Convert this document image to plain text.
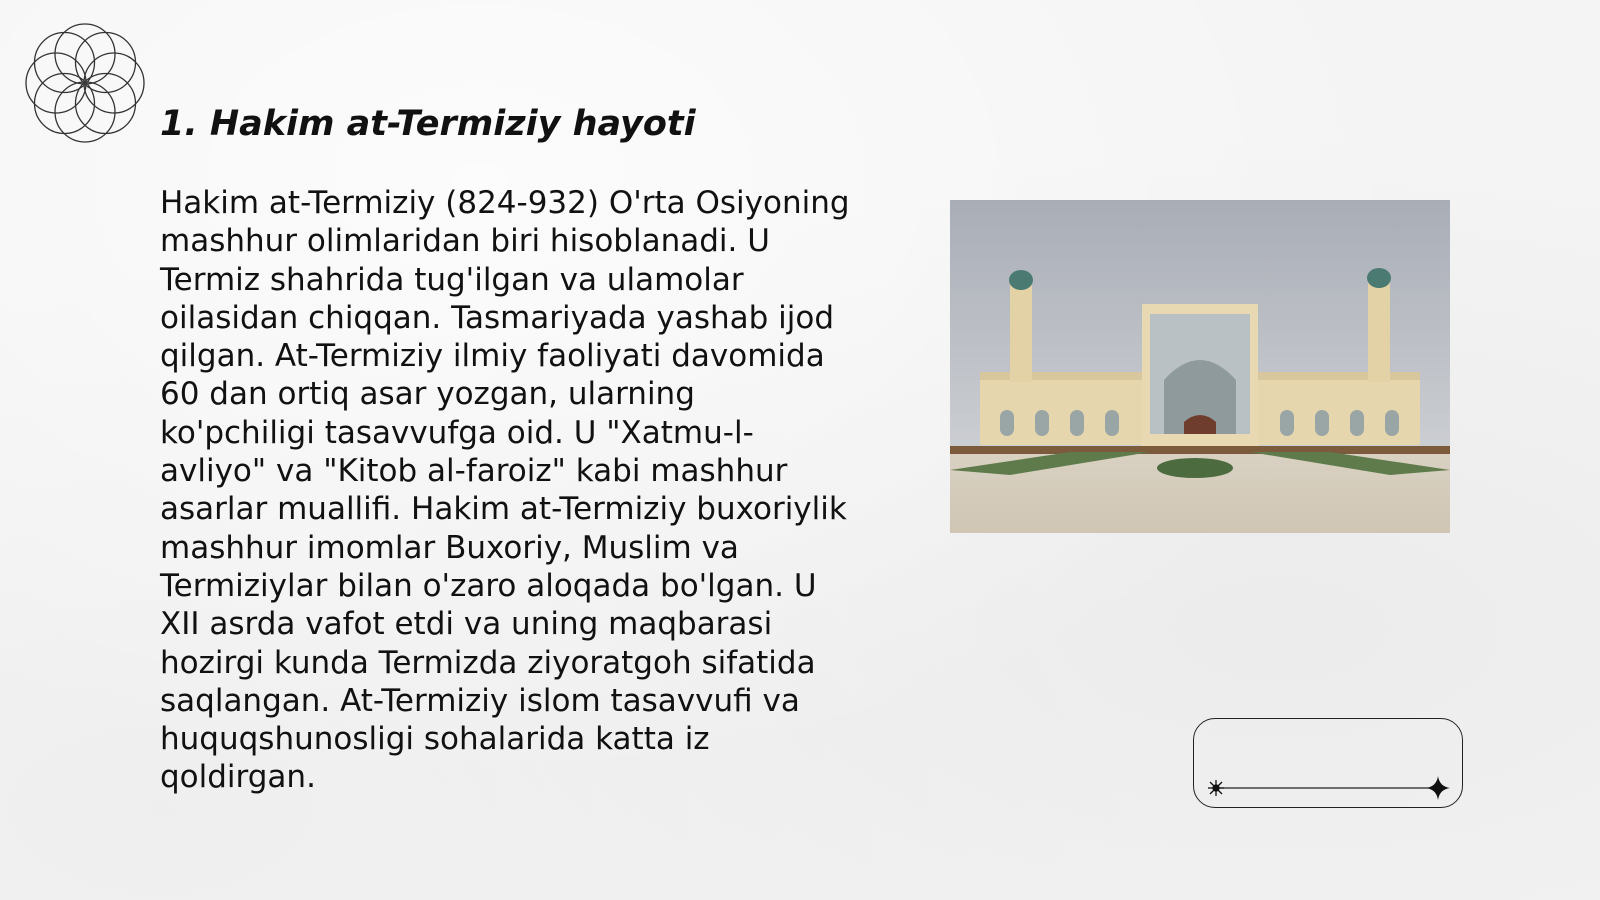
1. Hakim at-Termiziy hayoti

Hakim at-Termiziy (824-932) O'rta Osiyoning mashhur olimlaridan biri hisoblanadi. U Termiz shahrida tug'ilgan va ulamolar oilasidan chiqqan. Tasmariyada yashab ijod qilgan. At-Termiziy ilmiy faoliyati davomida 60 dan ortiq asar yozgan, ularning ko'pchiligi tasavvufga oid. U "Xatmu-l-avliyo" va "Kitob al-faroiz" kabi mashhur asarlar muallifi. Hakim at-Termiziy buxoriylik mashhur imomlar Buxoriy, Muslim va Termiziylar bilan o'zaro aloqada bo'lgan. U XII asrda vafot etdi va uning maqbarasi hozirgi kunda Termizda ziyoratgoh sifatida saqlangan. At-Termiziy islom tasavvufi va huquqshunosligi sohalarida katta iz qoldirgan.
